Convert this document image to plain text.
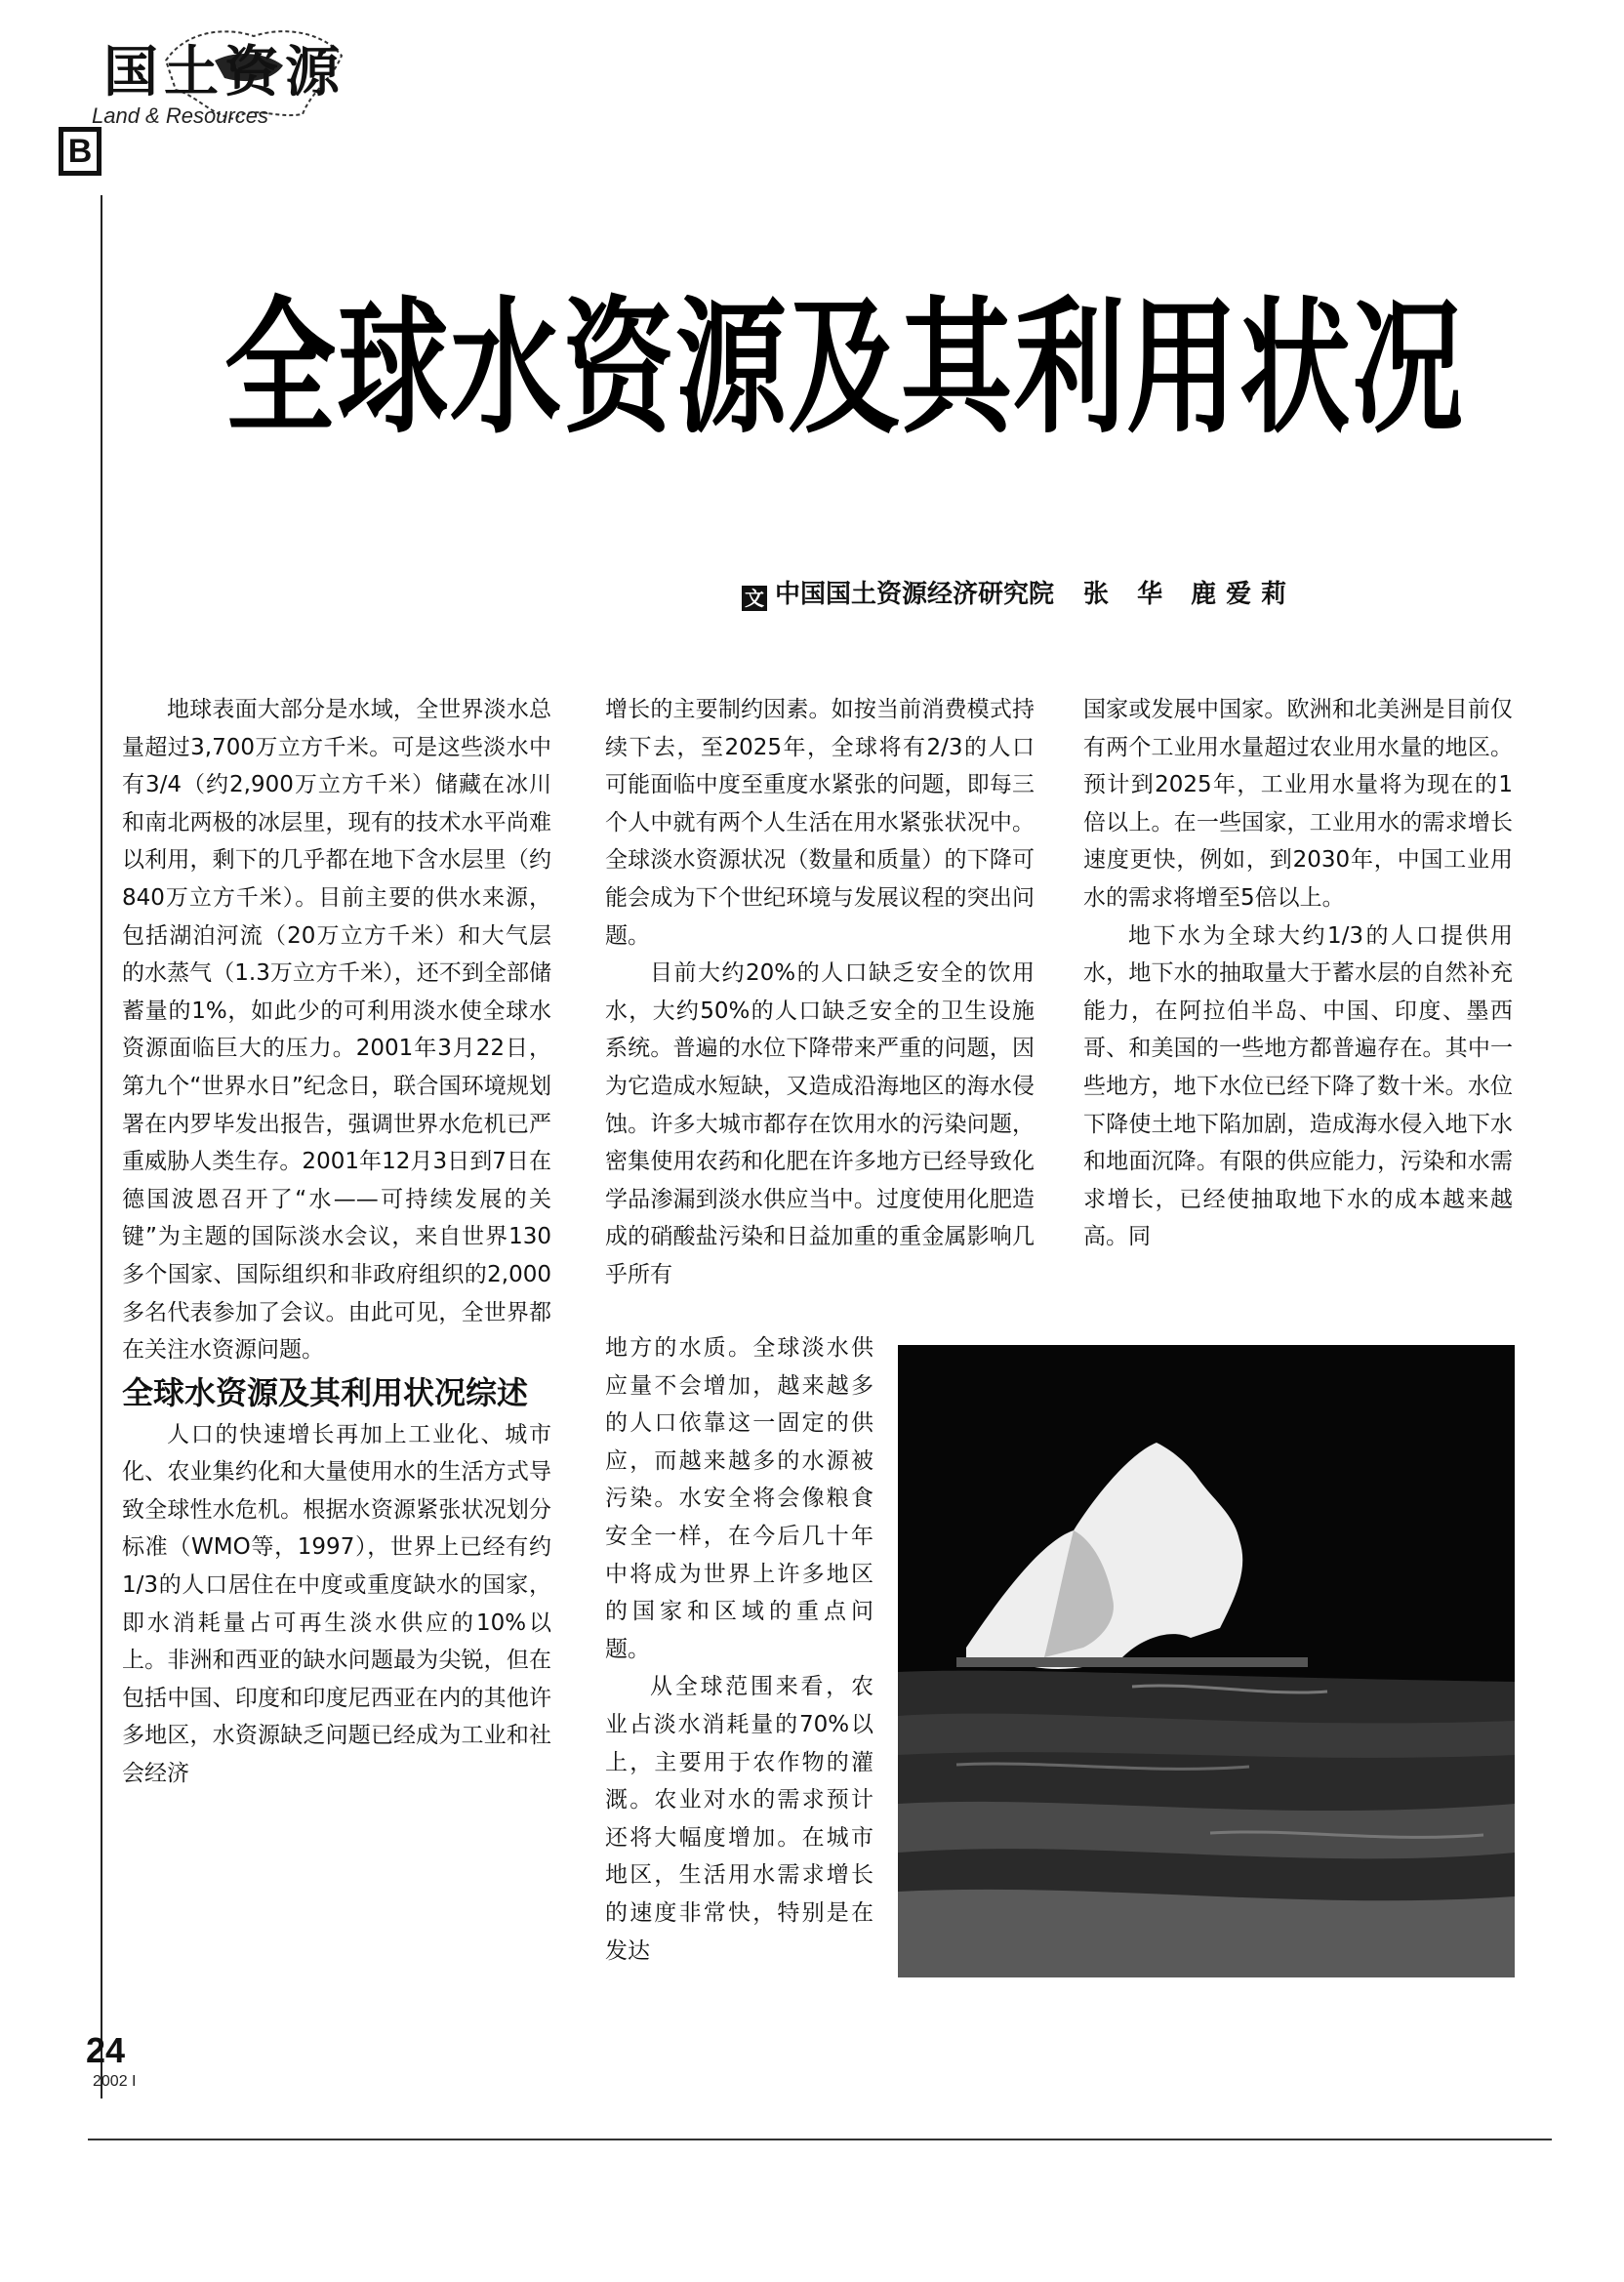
国土资源
Land & Resources
B
全球水资源及其利用状况
文 中国国土资源经济研究院 张 华 鹿爱莉

地球表面大部分是水域，全世界淡水总量超过3,700万立方千米。可是这些淡水中有3/4（约2,900万立方千米）储藏在冰川和南北两极的冰层里，现有的技术水平尚难以利用，剩下的几乎都在地下含水层里（约840万立方千米）。目前主要的供水来源，包括湖泊河流（20万立方千米）和大气层的水蒸气（1.3万立方千米），还不到全部储蓄量的1%，如此少的可利用淡水使全球水资源面临巨大的压力。2001年3月22日，第九个“世界水日”纪念日，联合国环境规划署在内罗毕发出报告，强调世界水危机已严重威胁人类生存。2001年12月3日到7日在德国波恩召开了“水——可持续发展的关键”为主题的国际淡水会议，来自世界130多个国家、国际组织和非政府组织的2,000多名代表参加了会议。由此可见，全世界都在关注水资源问题。

全球水资源及其利用状况综述

人口的快速增长再加上工业化、城市化、农业集约化和大量使用水的生活方式导致全球性水危机。根据水资源紧张状况划分标准（WMO等，1997），世界上已经有约1/3的人口居住在中度或重度缺水的国家，即水消耗量占可再生淡水供应的10%以上。非洲和西亚的缺水问题最为尖锐，但在包括中国、印度和印度尼西亚在内的其他许多地区，水资源缺乏问题已经成为工业和社会经济

增长的主要制约因素。如按当前消费模式持续下去，至2025年，全球将有2/3的人口可能面临中度至重度水紧张的问题，即每三个人中就有两个人生活在用水紧张状况中。全球淡水资源状况（数量和质量）的下降可能会成为下个世纪环境与发展议程的突出问题。

目前大约20%的人口缺乏安全的饮用水，大约50%的人口缺乏安全的卫生设施系统。普遍的水位下降带来严重的问题，因为它造成水短缺，又造成沿海地区的海水侵蚀。许多大城市都存在饮用水的污染问题，密集使用农药和化肥在许多地方已经导致化学品渗漏到淡水供应当中。过度使用化肥造成的硝酸盐污染和日益加重的重金属影响几乎所有

地方的水质。全球淡水供应量不会增加，越来越多的人口依靠这一固定的供应，而越来越多的水源被污染。水安全将会像粮食安全一样，在今后几十年中将成为世界上许多地区的国家和区域的重点问题。

从全球范围来看，农业占淡水消耗量的70%以上，主要用于农作物的灌溉。农业对水的需求预计还将大幅度增加。在城市地区，生活用水需求增长的速度非常快，特别是在发达

国家或发展中国家。欧洲和北美洲是目前仅有两个工业用水量超过农业用水量的地区。预计到2025年，工业用水量将为现在的1倍以上。在一些国家，工业用水的需求增长速度更快，例如，到2030年，中国工业用水的需求将增至5倍以上。

地下水为全球大约1/3的人口提供用水，地下水的抽取量大于蓄水层的自然补充能力，在阿拉伯半岛、中国、印度、墨西哥、和美国的一些地方都普遍存在。其中一些地方，地下水位已经下降了数十米。水位下降使土地下陷加剧，造成海水侵入地下水和地面沉降。有限的供应能力，污染和水需求增长，已经使抽取地下水的成本越来越高。同

24
2002 I
